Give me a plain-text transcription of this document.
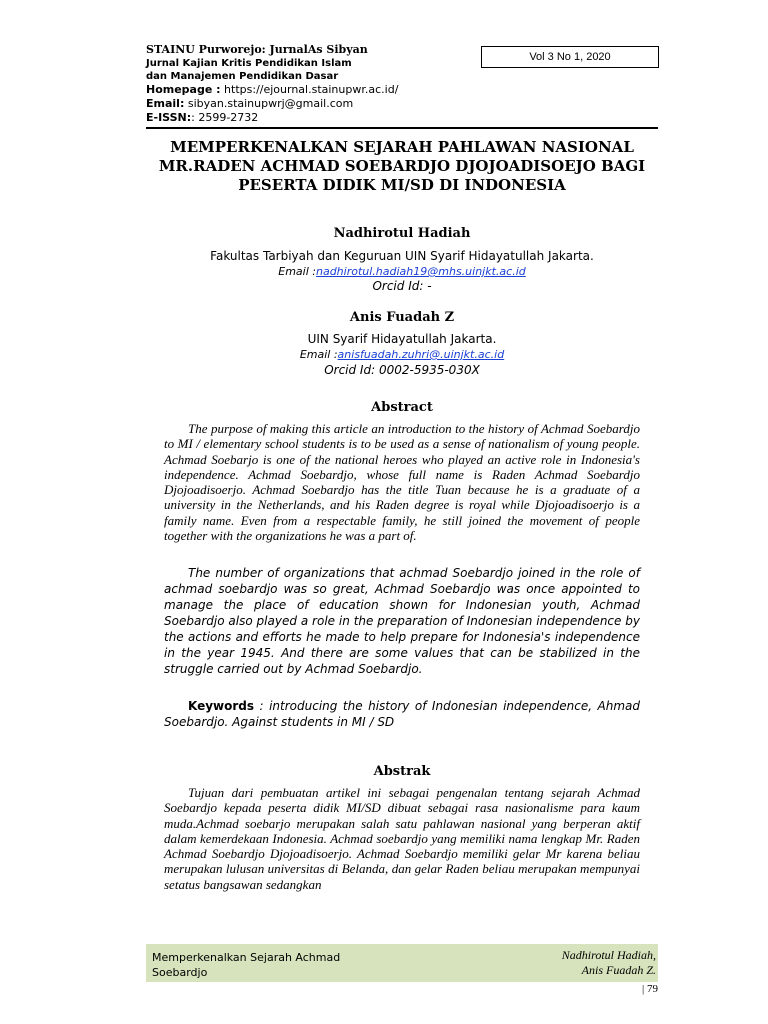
STAINU Purworejo: JurnalAs Sibyan
Jurnal Kajian Kritis Pendidikan Islam
dan Manajemen Pendidikan Dasar
Homepage : https://ejournal.stainupwr.ac.id/
Email: sibyan.stainupwrj@gmail.com
E-ISSN:: 2599-2732
Vol 3 No 1, 2020
MEMPERKENALKAN SEJARAH PAHLAWAN NASIONAL
MR.RADEN ACHMAD SOEBARDJO DJOJOADISOEJO BAGI
PESERTA DIDIK MI/SD DI INDONESIA
Nadhirotul Hadiah
Fakultas Tarbiyah dan Keguruan UIN Syarif Hidayatullah Jakarta.
Email :nadhirotul.hadiah19@mhs.uinjkt.ac.id
Orcid Id: -
Anis Fuadah Z
UIN Syarif Hidayatullah Jakarta.
Email :anisfuadah.zuhri@.uinjkt.ac.id
Orcid Id: 0002-5935-030X
Abstract
The purpose of making this article an introduction to the history of Achmad Soebardjo to MI / elementary school students is to be used as a sense of nationalism of young people. Achmad Soebarjo is one of the national heroes who played an active role in Indonesia's independence. Achmad Soebardjo, whose full name is Raden Achmad Soebardjo Djojoadisoerjo. Achmad Soebardjo has the title Tuan because he is a graduate of a university in the Netherlands, and his Raden degree is royal while Djojoadisoerjo is a family name. Even from a respectable family, he still joined the movement of people together with the organizations he was a part of.
The number of organizations that achmad Soebardjo joined in the role of achmad soebardjo was so great, Achmad Soebardjo was once appointed to manage the place of education shown for Indonesian youth, Achmad Soebardjo also played a role in the preparation of Indonesian independence by the actions and efforts he made to help prepare for Indonesia's independence in the year 1945. And there are some values that can be stabilized in the struggle carried out by Achmad Soebardjo.
Keywords : introducing the history of Indonesian independence, Ahmad Soebardjo. Against students in MI / SD
Abstrak
Tujuan dari pembuatan artikel ini sebagai pengenalan tentang sejarah Achmad Soebardjo kepada peserta didik MI/SD dibuat sebagai rasa nasionalisme para kaum muda.Achmad soebarjo merupakan salah satu pahlawan nasional yang berperan aktif dalam kemerdekaan Indonesia. Achmad soebardjo yang memiliki nama lengkap Mr. Raden Achmad Soebardjo Djojoadisoerjo. Achmad Soebardjo memiliki gelar Mr karena beliau merupakan lulusan universitas di Belanda, dan gelar Raden beliau merupakan mempunyai setatus bangsawan sedangkan
Memperkenalkan Sejarah Achmad Soebardjo
Nadhirotul Hadiah,
Anis Fuadah Z.
| 79
